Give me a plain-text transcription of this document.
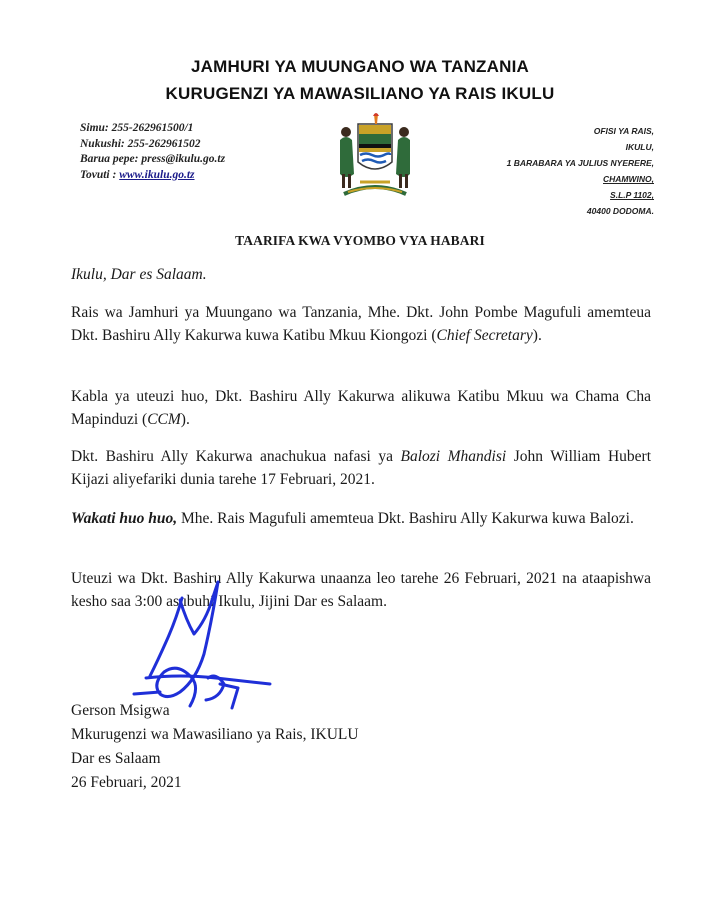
JAMHURI YA MUUNGANO WA TANZANIA
KURUGENZI YA MAWASILIANO YA RAIS IKULU
Simu: 255-262961500/1
Nukushi: 255-262961502
Barua pepe: press@ikulu.go.tz
Tovuti : www.ikulu.go.tz
OFISI YA RAIS,
IKULU,
1 BARABARA YA JULIUS NYERERE,
CHAMWINO,
S.L.P 1102,
40400 DODOMA.
TAARIFA KWA VYOMBO VYA HABARI
Ikulu, Dar es Salaam.
Rais wa Jamhuri ya Muungano wa Tanzania, Mhe. Dkt. John Pombe Magufuli amemteua Dkt. Bashiru Ally Kakurwa kuwa Katibu Mkuu Kiongozi (Chief Secretary).
Kabla ya uteuzi huo, Dkt. Bashiru Ally Kakurwa alikuwa Katibu Mkuu wa Chama Cha Mapinduzi (CCM).
Dkt. Bashiru Ally Kakurwa anachukua nafasi ya Balozi Mhandisi John William Hubert Kijazi aliyefariki dunia tarehe 17 Februari, 2021.
Wakati huo huo, Mhe. Rais Magufuli amemteua Dkt. Bashiru Ally Kakurwa kuwa Balozi.
Uteuzi wa Dkt. Bashiru Ally Kakurwa unaanza leo tarehe 26 Februari, 2021 na ataapishwa kesho saa 3:00 asubuhi Ikulu, Jijini Dar es Salaam.
Gerson Msigwa
Mkurugenzi wa Mawasiliano ya Rais, IKULU
Dar es Salaam
26 Februari, 2021
